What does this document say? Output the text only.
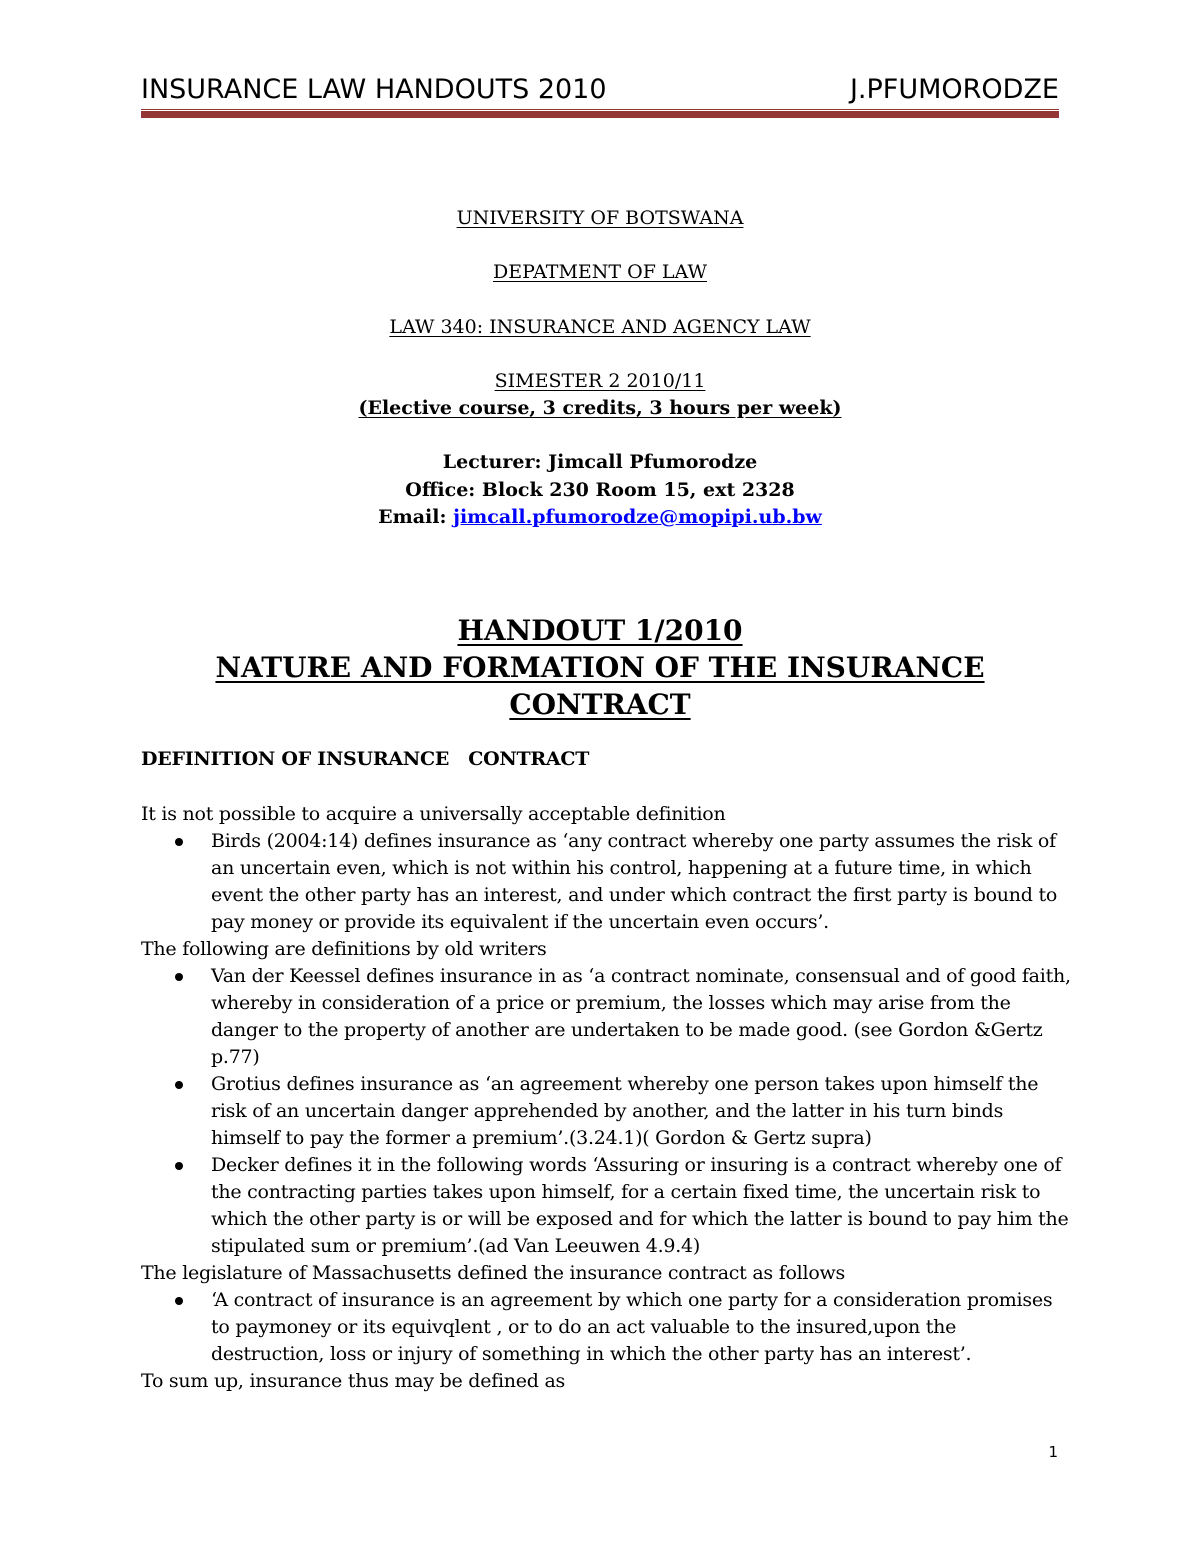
INSURANCE LAW HANDOUTS 2010	J.PFUMORODZE
UNIVERSITY OF BOTSWANA
DEPATMENT OF LAW
LAW 340: INSURANCE AND AGENCY LAW
SIMESTER 2 2010/11
(Elective course, 3 credits, 3 hours per week)
Lecturer: Jimcall Pfumorodze
Office: Block 230 Room 15, ext 2328
Email: jimcall.pfumorodze@mopipi.ub.bw
HANDOUT 1/2010
NATURE AND FORMATION OF THE INSURANCE
CONTRACT

DEFINITION OF INSURANCE   CONTRACT

It is not possible to acquire a universally acceptable definition

Birds (2004:14) defines insurance as ‘any contract whereby one party assumes the risk of an uncertain even, which is not within his control, happening at a future time, in which event the other party has an interest, and under which contract the first party is bound to pay money or provide its equivalent if the uncertain even occurs’.

The following are definitions by old writers

Van der Keessel defines insurance in as ‘a contract nominate, consensual and of good faith, whereby in consideration of a price or premium, the losses which may arise from the danger to the property of another are undertaken to be made good. (see Gordon &Gertz p.77)
Grotius defines insurance as ‘an agreement whereby one person takes upon himself the risk of an uncertain danger apprehended by another, and the latter in his turn binds himself to pay the former a premium’.(3.24.1)( Gordon & Gertz supra)
Decker defines it in the following words ‘Assuring or insuring is a contract whereby one of the contracting parties takes upon himself, for a certain fixed time, the uncertain risk to which the other party is or will be exposed and for which the latter is bound to pay him the stipulated sum or premium’.(ad Van Leeuwen 4.9.4)

The legislature of Massachusetts defined the insurance contract as follows

‘A contract of insurance is an agreement by which one party for a consideration promises to paymoney or its equivqlent , or to do an act valuable to the insured,upon the destruction, loss or injury of something in which the other party has an interest’.

To sum up, insurance thus may be defined as

1
